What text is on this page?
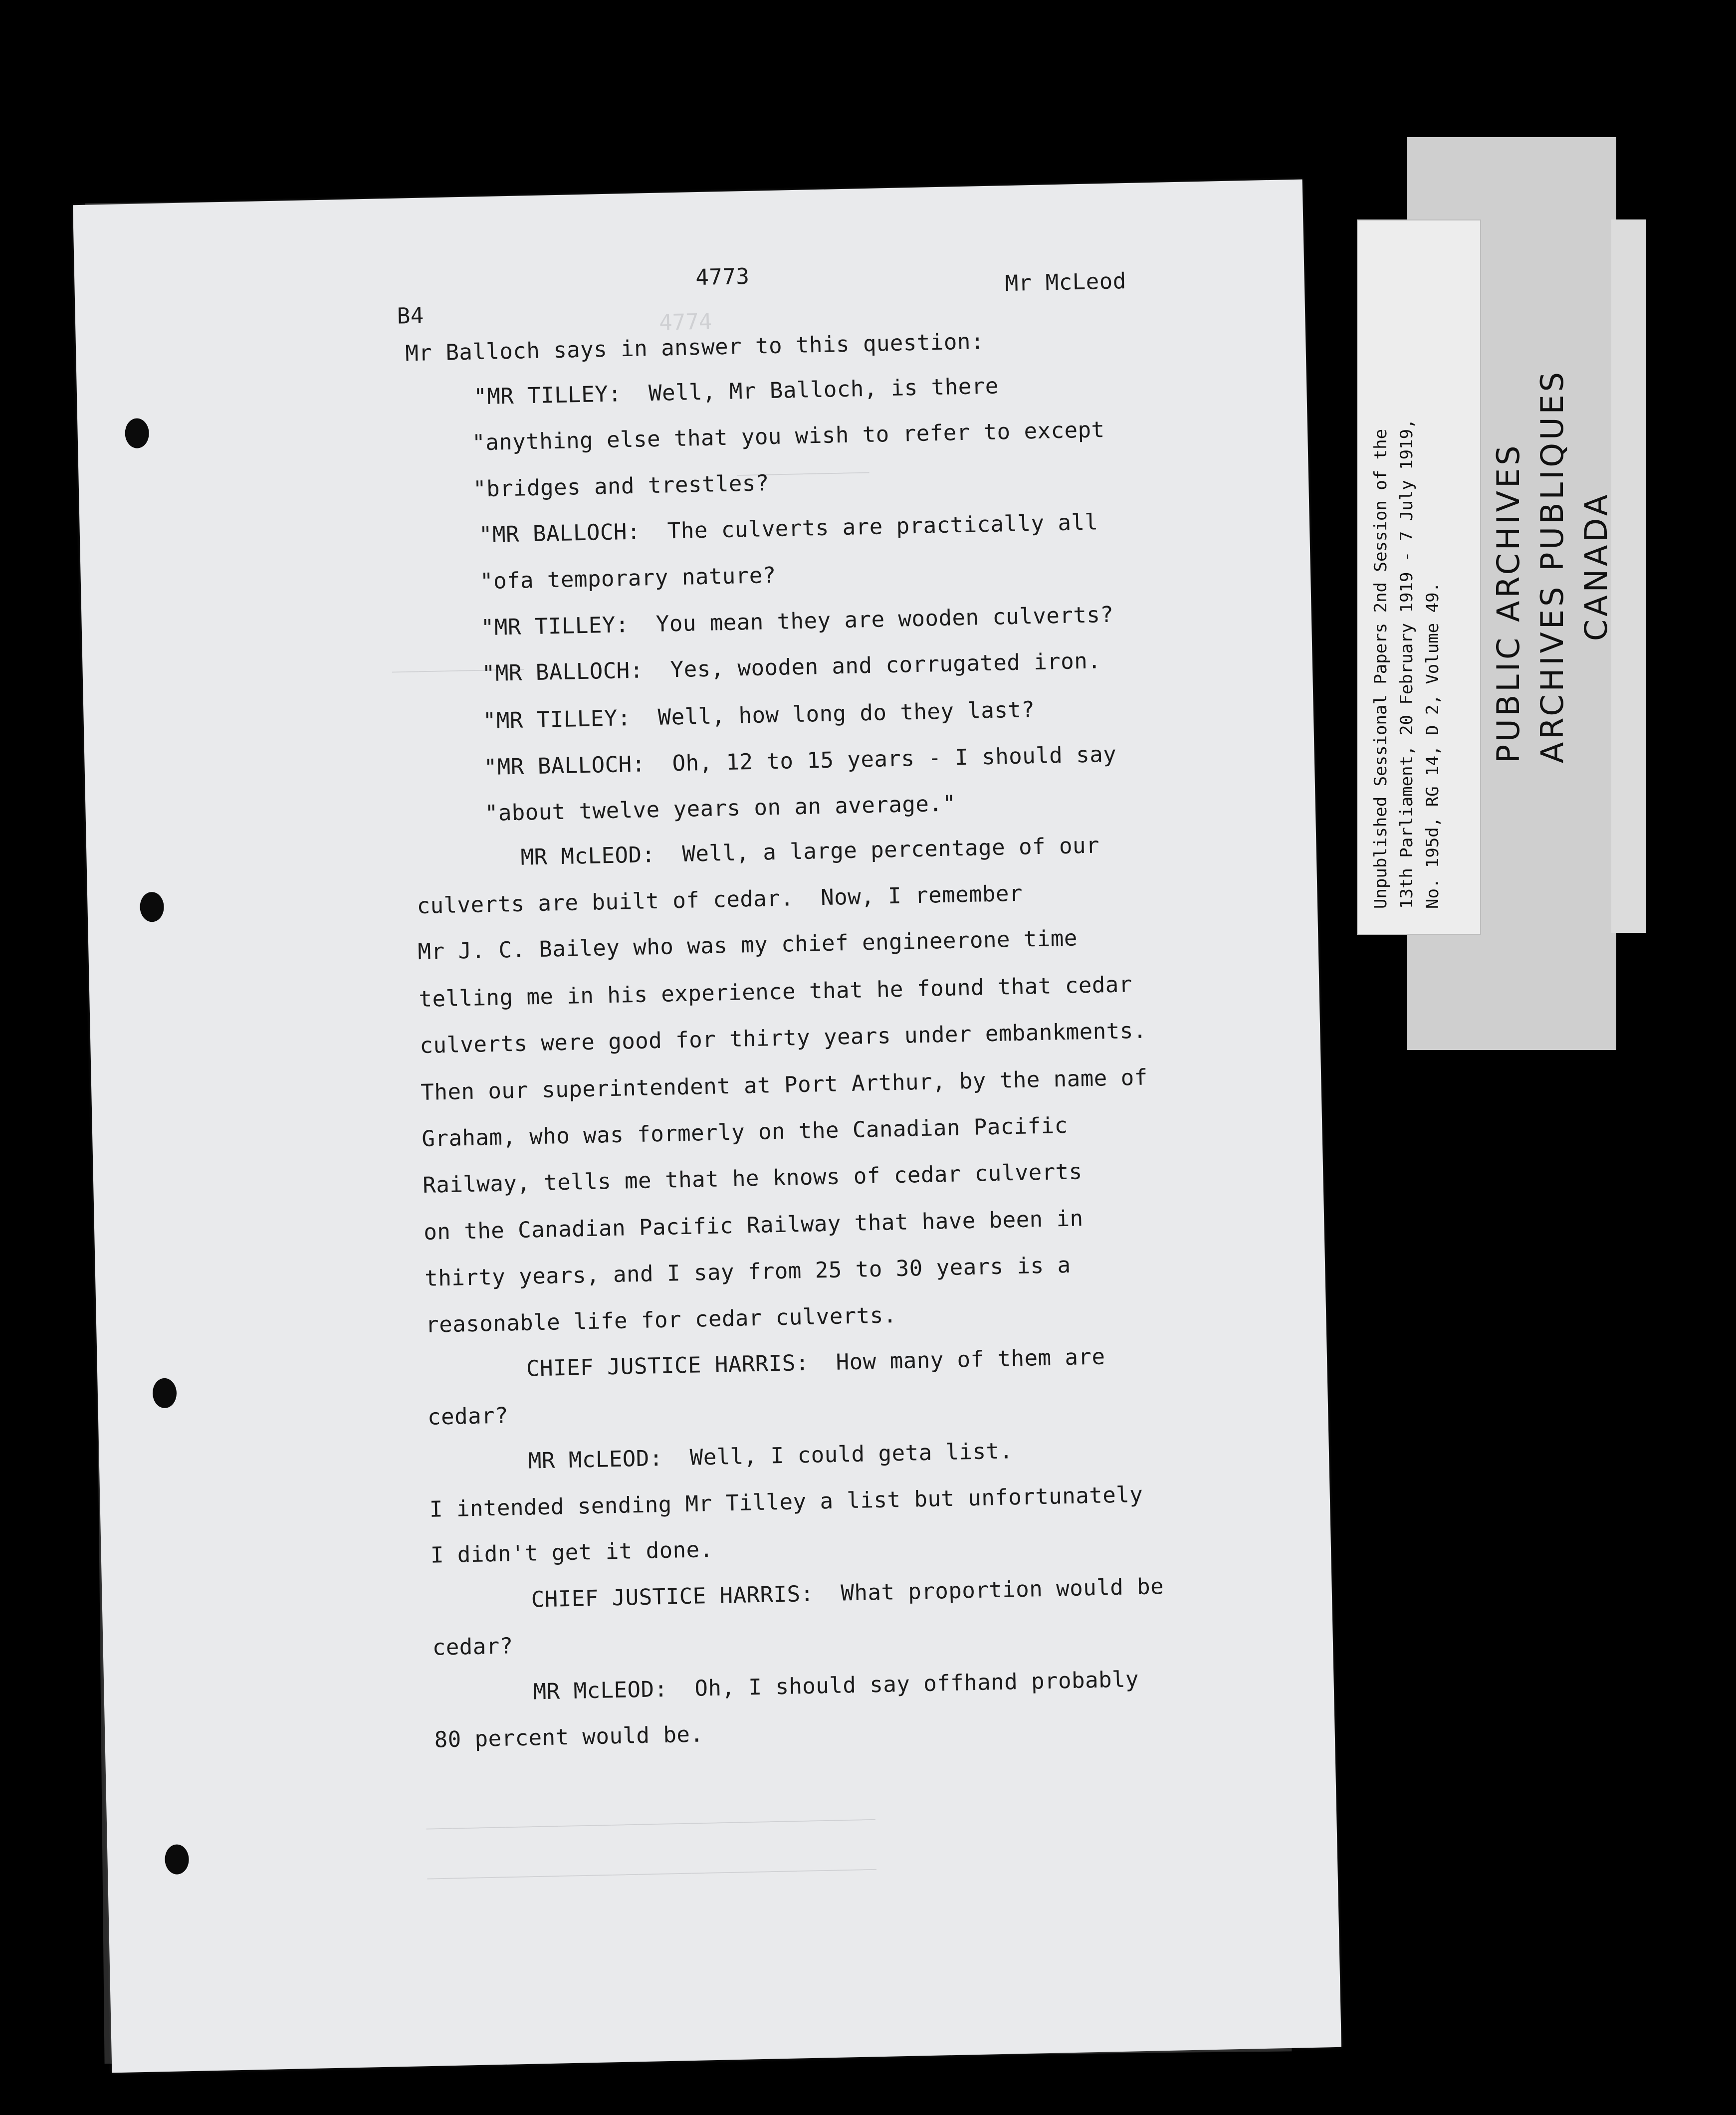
4774
__________
__________
4773
B4
Mr McLeod
Mr Balloch says in answer to this question:
"MR TILLEY:  Well, Mr Balloch, is there
"anything else that you wish to refer to except
"bridges and trestles?
"MR BALLOCH:  The culverts are practically all
"ofa temporary nature?
"MR TILLEY:  You mean they are wooden culverts?
"MR BALLOCH:  Yes, wooden and corrugated iron.
"MR TILLEY:  Well, how long do they last?
"MR BALLOCH:  Oh, 12 to 15 years - I should say
"about twelve years on an average."
MR McLEOD:  Well, a large percentage of our
culverts are built of cedar.  Now, I remember
Mr J. C. Bailey who was my chief engineerone time
telling me in his experience that he found that cedar
culverts were good for thirty years under embankments.
Then our superintendent at Port Arthur, by the name of
Graham, who was formerly on the Canadian Pacific
Railway, tells me that he knows of cedar culverts
on the Canadian Pacific Railway that have been in
thirty years, and I say from 25 to 30 years is a
reasonable life for cedar culverts.
CHIEF JUSTICE HARRIS:  How many of them are
cedar?
MR McLEOD:  Well, I could geta list.
I intended sending Mr Tilley a list but unfortunately
I didn't get it done.
CHIEF JUSTICE HARRIS:  What proportion would be
cedar?
MR McLEOD:  Oh, I should say offhand probably
80 percent would be.
__________________________________
__________________________________
Unpublished Sessional Papers 2nd Session of the 13th Parliament, 20 February 1919 - 7 July 1919, No. 195d, RG 14, D 2, Volume 49. PUBLIC ARCHIVES ARCHIVES PUBLIQUES CANADA
